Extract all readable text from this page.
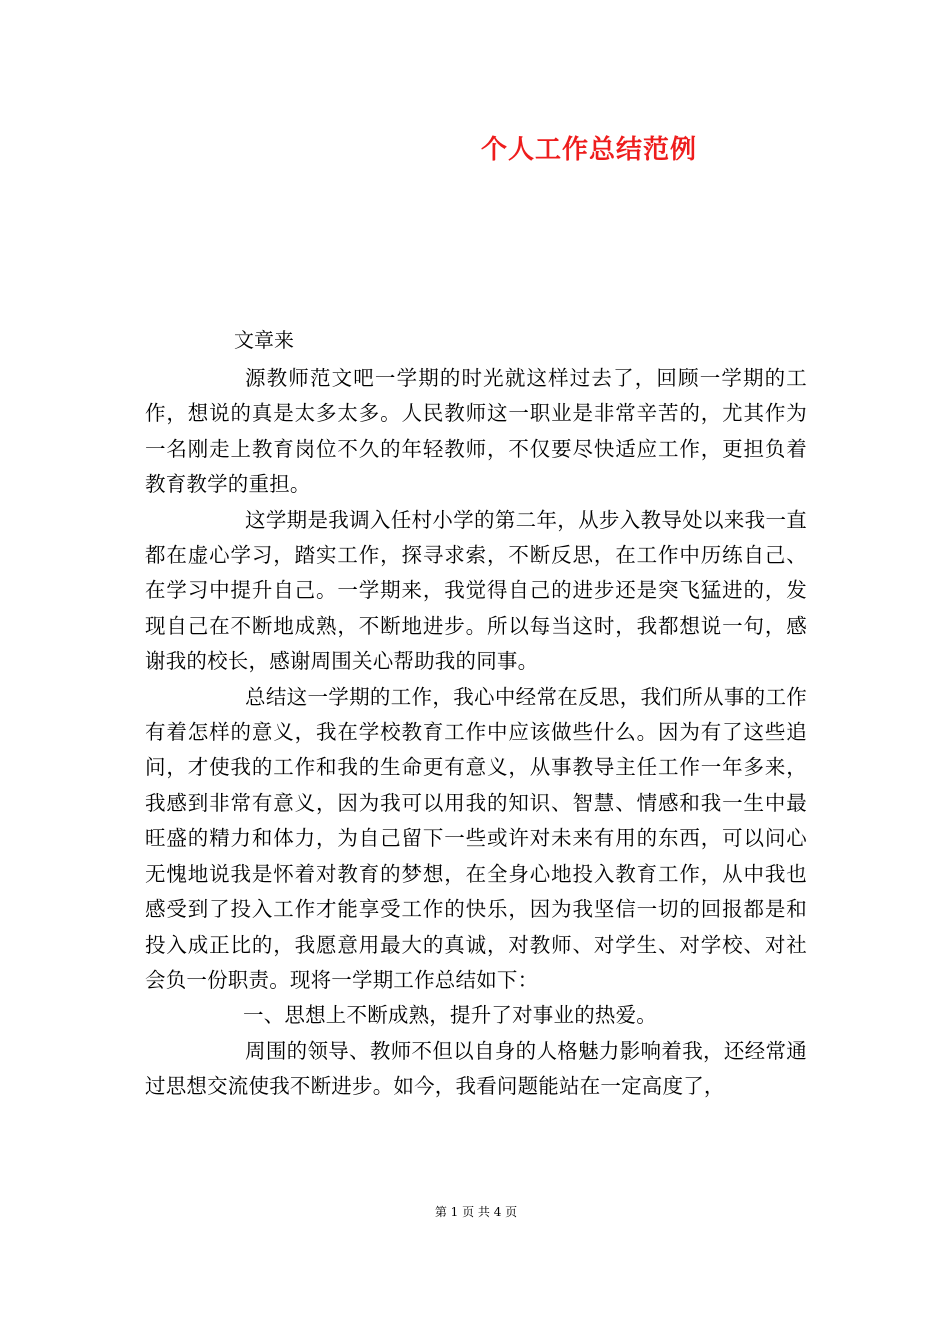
个人工作总结范例

文章来

源教师范文吧一学期的时光就这样过去了，回顾一学期的工作，想说的真是太多太多。人民教师这一职业是非常辛苦的，尤其作为一名刚走上教育岗位不久的年轻教师，不仅要尽快适应工作，更担负着教育教学的重担。

这学期是我调入任村小学的第二年，从步入教导处以来我一直都在虚心学习，踏实工作，探寻求索，不断反思，在工作中历练自己、在学习中提升自己。一学期来，我觉得自己的进步还是突飞猛进的，发现自己在不断地成熟，不断地进步。所以每当这时，我都想说一句，感谢我的校长，感谢周围关心帮助我的同事。

总结这一学期的工作，我心中经常在反思，我们所从事的工作有着怎样的意义，我在学校教育工作中应该做些什么。因为有了这些追问，才使我的工作和我的生命更有意义，从事教导主任工作一年多来，我感到非常有意义，因为我可以用我的知识、智慧、情感和我一生中最旺盛的精力和体力，为自己留下一些或许对未来有用的东西，可以问心无愧地说我是怀着对教育的梦想，在全身心地投入教育工作，从中我也感受到了投入工作才能享受工作的快乐，因为我坚信一切的回报都是和投入成正比的，我愿意用最大的真诚，对教师、对学生、对学校、对社会负一份职责。现将一学期工作总结如下：

一、思想上不断成熟，提升了对事业的热爱。

周围的领导、教师不但以自身的人格魅力影响着我，还经常通过思想交流使我不断进步。如今，我看问题能站在一定高度了，

第 1 页 共 4 页
